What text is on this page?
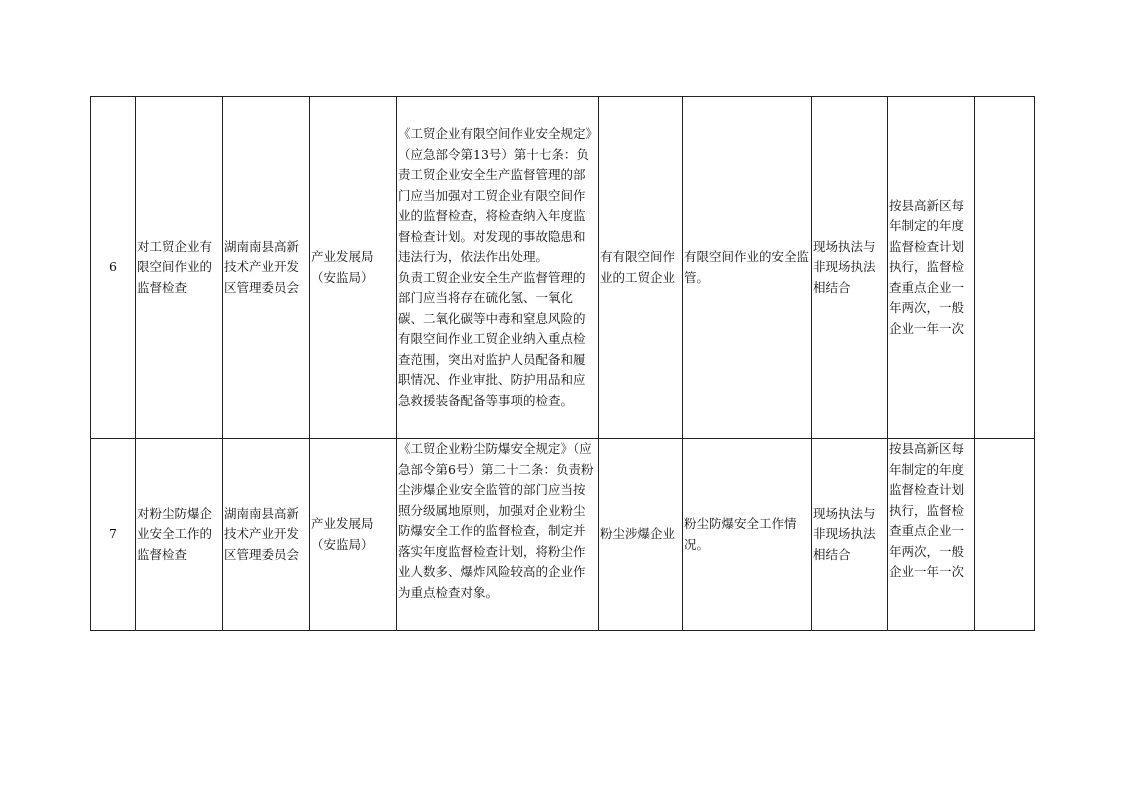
6	对工贸企业有限空间作业的监督检查	湖南南县高新技术产业开发区管理委员会	产业发展局（安监局）	《工贸企业有限空间作业安全规定》（应急部令第13号）第十七条：负责工贸企业安全生产监督管理的部门应当加强对工贸企业有限空间作业的监督检查，将检查纳入年度监督检查计划。对发现的事故隐患和违法行为，依法作出处理。
负责工贸企业安全生产监督管理的部门应当将存在硫化氢、一氧化碳、二氧化碳等中毒和窒息风险的有限空间作业工贸企业纳入重点检查范围，突出对监护人员配备和履职情况、作业审批、防护用品和应急救援装备配备等事项的检查。	有有限空间作业的工贸企业	有限空间作业的安全监管。	现场执法与非现场执法相结合	按县高新区每年制定的年度监督检查计划执行，监督检查重点企业一年两次，一般企业一年一次	
7	对粉尘防爆企业安全工作的监督检查	湖南南县高新技术产业开发区管理委员会	产业发展局（安监局）	《工贸企业粉尘防爆安全规定》（应急部令第6号）第二十二条：负责粉尘涉爆企业安全监管的部门应当按照分级属地原则，加强对企业粉尘防爆安全工作的监督检查，制定并落实年度监督检查计划，将粉尘作业人数多、爆炸风险较高的企业作为重点检查对象。	粉尘涉爆企业	粉尘防爆安全工作情况。	现场执法与非现场执法相结合	按县高新区每年制定的年度监督检查计划执行，监督检查重点企业一年两次，一般企业一年一次	
